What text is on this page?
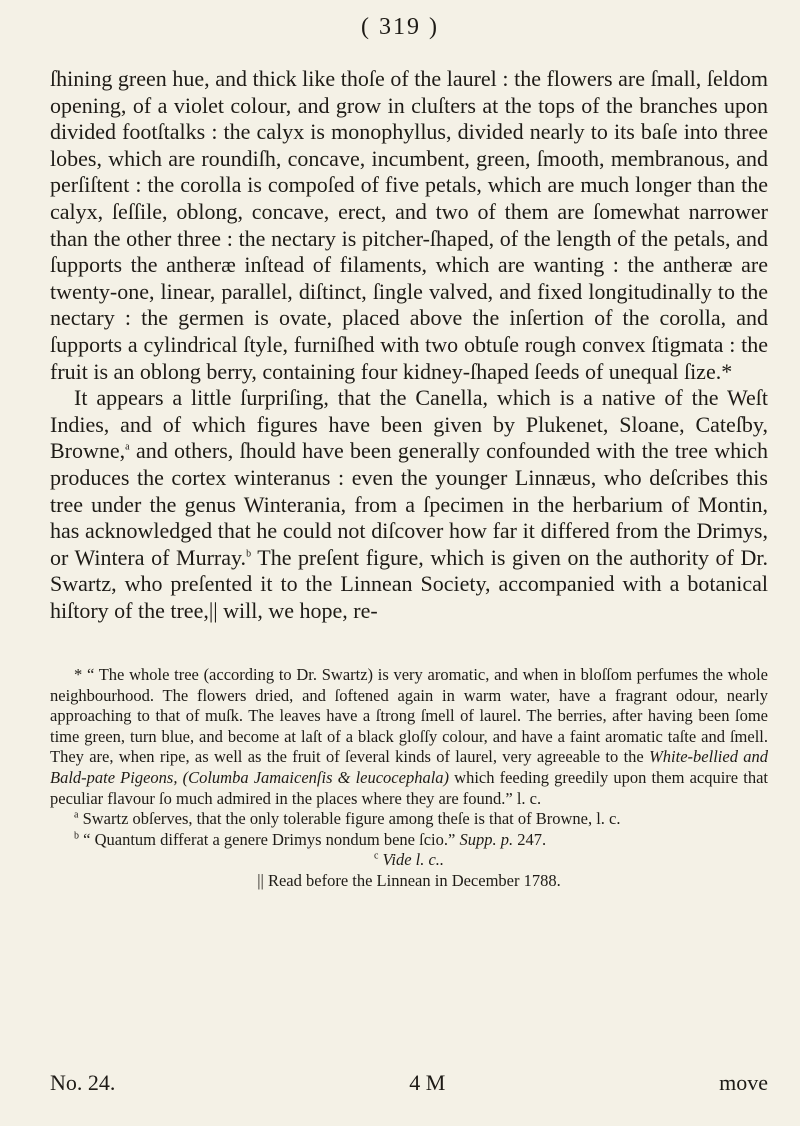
( 319 )

ſhining green hue, and thick like thoſe of the laurel : the flowers are ſmall, ſeldom opening, of a violet colour, and grow in cluſters at the tops of the branches upon divided footſtalks : the calyx is monophyllus, divided nearly to its baſe into three lobes, which are roundiſh, concave, incumbent, green, ſmooth, membranous, and perſiſtent : the corolla is compoſed of five petals, which are much longer than the calyx, ſeſſile, oblong, concave, erect, and two of them are ſomewhat narrower than the other three : the nectary is pitcher-ſhaped, of the length of the petals, and ſupports the antheræ inſtead of filaments, which are wanting : the antheræ are twenty-one, linear, parallel, diſtinct, ſingle valved, and fixed longitudinally to the nectary : the germen is ovate, placed above the inſertion of the corolla, and ſupports a cylindrical ſtyle, furniſhed with two obtuſe rough convex ſtigmata : the fruit is an oblong berry, containing four kidney-ſhaped ſeeds of unequal ſize.*

It appears a little ſurpriſing, that the Canella, which is a native of the Weſt Indies, and of which figures have been given by Plukenet, Sloane, Cateſby, Browne,$^a$ and others, ſhould have been generally confounded with the tree which produces the cortex winteranus : even the younger Linnæus, who deſcribes this tree under the genus Winterania, from a ſpecimen in the herbarium of Montin, has acknowledged that he could not diſcover how far it differed from the Drimys, or Wintera of Murray.$^b$ The preſent figure, which is given on the authority of Dr. Swartz, who preſented it to the Linnean Society, accompanied with a botanical hiſtory of the tree,|| will, we hope, re-

* “ The whole tree (according to Dr. Swartz) is very aromatic, and when in bloſſom perfumes the whole neighbourhood. The flowers dried, and ſoftened again in warm water, have a fragrant odour, nearly approaching to that of muſk. The leaves have a ſtrong ſmell of laurel. The berries, after having been ſome time green, turn blue, and become at laſt of a black gloſſy colour, and have a faint aromatic taſte and ſmell. They are, when ripe, as well as the fruit of ſeveral kinds of laurel, very agreeable to the White-bellied and Bald-pate Pigeons, (Columba Jamaicenſis & leucocephala) which feeding greedily upon them acquire that peculiar flavour ſo much admired in the places where they are found.” l. c.

$^a$ Swartz obſerves, that the only tolerable figure among theſe is that of Browne, l. c.

$^b$ “ Quantum differat a genere Drimys nondum bene ſcio.” Supp. p. 247.

$^c$ Vide l. c..

|| Read before the Linnean in December 1788.

No. 24.	4 M	move
